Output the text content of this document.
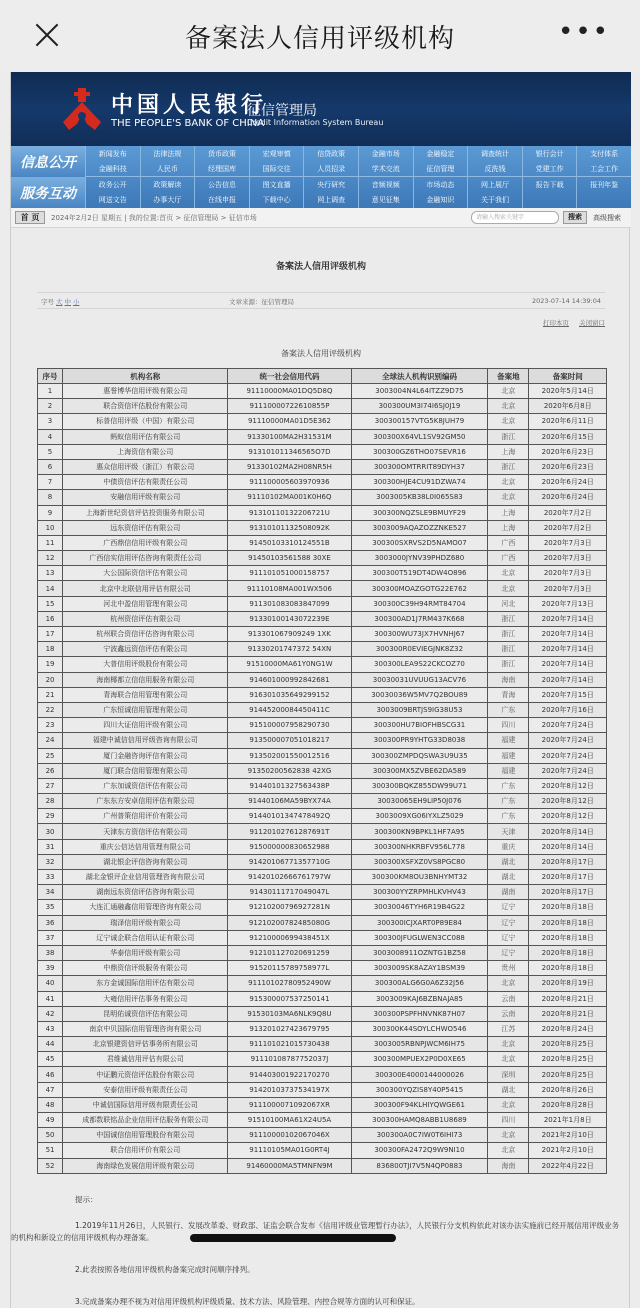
备案法人信用评级机构	•••
中国人民银行
THE PEOPLE'S BANK OF CHINA
征信管理局
Credit Information System Bureau
信息公开
新闻发布	法律法规	货币政策	宏观审慎	信贷政策	金融市场	金融稳定	调查统计	银行会计	支付体系
金融科技	人民币	经理国库	国际交往	人员招录	学术交流	征信管理	反洗钱	党建工作	工会工作
服务互动
政务公开	政策解读	公告信息	图文直播	央行研究	音频视频	市场动态	网上展厅	报告下载	报刊年鉴
网送文告	办事大厅	在线申报	下载中心	网上调查	意见征集	金融知识	关于我们
首 页	2024年2月2日 星期五 | 我的位置:首页 > 征信管理局 > 征信市场	请输入搜索关键字	搜索	高级搜索
备案法人信用评级机构
字号 大 中 小	文章来源：征信管理局	2023-07-14 14:39:04
打印本页 关闭窗口
备案法人信用评级机构
序号	机构名称	统一社会信用代码	全球法人机构识别编码	备案地	备案时间
1	惠誉博华信用评级有限公司	91110000MA01DQ5D8Q	3003004N4L64ITZZ9D75	北京	2020年5月14日
2	联合资信评估股份有限公司	91110000722610855P	300300UM3I74I6SJ0J19	北京	2020年6月8日
3	标普信用评级（中国）有限公司	91110000MA01D5E362	300300157VTG5K8JUH79	北京	2020年6月11日
4	蚂蚁信用评估有限公司	91330100MA2H31531M	300300X64VL1SV92GM50	浙江	2020年6月15日
5	上海资信有限公司	913101011346565O7D	300300GZ6THO07SEVR16	上海	2020年6月23日
6	惠众信用评级（浙江）有限公司	91330102MA2H08NR5H	300300OMTRRIT89DYH37	浙江	2020年6月23日
7	中债资信评估有限责任公司	911100005603970936	300300HJE4CU91DZWA74	北京	2020年6月24日
8	安融信用评级有限公司	91110102MA001K0H6Q	3003005KB38L0I065S83	北京	2020年6月24日
9	上海新世纪资信评估投资服务有限公司	91310110132206721U	300300NQZSLE9BMUYF29	上海	2020年7月2日
10	远东资信评估有限公司	91310101132508092K	3003009AQAZOZZNKE527	上海	2020年7月2日
11	广西鼎信信用评级有限公司	91450103310124551B	300300SXRVS2D5NAMO07	广西	2020年7月3日
12	广西信实信用评估咨询有限责任公司	91450103561588 30XE	3003000JYNV39PHDZ680	广西	2020年7月3日
13	大公国际资信评估有限公司	911101051000158757	300300T519DT4DW4O896	北京	2020年7月3日
14	北京中北联信用评估有限公司	91110108MA001WX506	300300MOAZGOTG22E762	北京	2020年7月3日
15	河北中盈信用管理有限公司	911301083083847099	300300C39H94RMT84704	河北	2020年7月13日
16	杭州资信评估有限公司	91330100143072239E	300300AD1J7RM437K668	浙江	2020年7月14日
17	杭州联合资信评估咨询有限公司	913301067909249 1XK	300300WU73JX7HVNHJ67	浙江	2020年7月14日
18	宁波鑫远资信评估有限公司	91330201747372 54XN	300300R0EVIEGJNK8Z32	浙江	2020年7月14日
19	大普信用评级股份有限公司	91510000MA61Y0NG1W	300300LEA9S22CKCOZ70	浙江	2020年7月14日
20	海南椰都立信信用服务有限公司	914601000992842681	30030031UVUUG13ACV76	海南	2020年7月14日
21	青海联合信用管理有限公司	916301035649299152	30030036W5MV7Q2BOU89	青海	2020年7月15日
22	广东恒诚信用管理有限公司	91445200084450411C	3003009BRTJS9IG38U53	广东	2020年7月16日
23	四川大证信用评级有限公司	915100007958290730	300300HU7BIOFHBSCG31	四川	2020年7月24日
24	福建中诚信信用评级咨询有限公司	913500007051018217	300300PR9YHTG33D8038	福建	2020年7月24日
25	厦门金融咨询评信有限公司	913502001550012516	300300ZMPDQSWA3U9U35	福建	2020年7月24日
26	厦门联合信用管理有限公司	91350200562838 42XG	300300MX5ZVBE62DA589	福建	2020年7月24日
27	广东加诚资信评估有限公司	91440101327563438P	300300BQKZ855DW99U71	广东	2020年8月12日
28	广东东方安卓信用评估有限公司	91440106MA59BYX74A	30030065EH9LIP50J076	广东	2020年8月12日
29	广州普策信用评价有限公司	91440101347478492Q	3003009XG06IYXLZ5029	广东	2020年8月12日
30	天津东方资信评估有限公司	91120102761287691T	300300KN9BPKL1HF7A95	天津	2020年8月14日
31	重庆公信达信用管理有限公司	915000000830652988	300300NHKRBFV956L778	重庆	2020年8月14日
32	湖北银企评信咨询有限公司	91420106771357710G	300300XSFXZ0VS8PGC80	湖北	2020年8月17日
33	湖北金银评企业信用管理咨询有限公司	91420102666761797W	300300KM8OU3BNHYMT32	湖北	2020年8月17日
34	湖南远东资信评估咨询有限公司	91430111717049047L	300300YYZRPMHLKVHV43	湖南	2020年8月17日
35	大连汇通融鑫信用管理咨询有限公司	91210200796927281N	30030046TYH6R19B4G22	辽宁	2020年8月18日
36	瑞泽信用评级有限公司	91210200782485080G	300300ICJXART0P89E84	辽宁	2020年8月18日
37	辽宁诚企联合信用认证有限公司	91210000699438451X	300300JFUGLWEN3CC088	辽宁	2020年8月18日
38	华泰信用评级有限公司	912101127020691259	3003008911OZNTG1BZ58	辽宁	2020年8月18日
39	中鼎资信评级服务有限公司	91520115789758977L	3003009SK8AZAY1BSM39	贵州	2020年8月18日
40	东方金诚国际信用评估有限公司	91110102780952490W	300300ALG6G0A6Z32J56	北京	2020年8月19日
41	大雍信用评估事务有限公司	915300007537250141	3003009KAJ6BZBNAJA85	云南	2020年8月21日
42	昆明佑诚资信评估有限公司	91530103MA6NLK9Q8U	300300PSPFHNVNK87H07	云南	2020年8月21日
43	南京中贝国际信用管理咨询有限公司	913201027423679795	300300K44SOYLCHWO546	江苏	2020年8月24日
44	北京银建资信评估事务所有限公司	911101021015730438	3003005RBNPJWCM6IH75	北京	2020年8月25日
45	君维诚信用评估有限公司	91110108787752037J	300300MPUEX2P0D0XE65	北京	2020年8月25日
46	中证鹏元资信评估股份有限公司	914403001922170270	300300E4000144000026	深圳	2020年8月25日
47	安泰信用评级有限责任公司	91420103737534197X	300300YQZIS8Y40P5415	湖北	2020年8月26日
48	中诚信国际信用评级有限责任公司	9111000071092067XR	300300F94KLHIYQWGE61	北京	2020年8月28日
49	成都数联铭品企业信用评估服务有限公司	91510100MA61X24U5A	300300HAMQ8ABB1U8689	四川	2021年1月8日
50	中国诚信信用管理股份有限公司	91110000102067046X	300300A0C7IW0T6IHI73	北京	2021年2月10日
51	联合信用评价有限公司	91110105MA01G0RT4J	300300FA2472Q9W9NI10	北京	2021年2月10日
52	海南绿色发展信用评级有限公司	91460000MA5TMNFN9M	836800TJI7V5N4QP0883	海南	2022年4月22日

提示：

1.2019年11月26日，人民银行、发展改革委、财政部、证监会联合发布《信用评级业管理暂行办法》，人民银行分支机构依此对该办法实施前已经开展信用评级业务的机构和新设立的信用评级机构办理备案。

2.此表按照各地信用评级机构备案完成时间顺序排列。

3.完成备案办理不视为对信用评级机构评级质量、技术方法、风险管理、内控合规等方面的认可和保证。
